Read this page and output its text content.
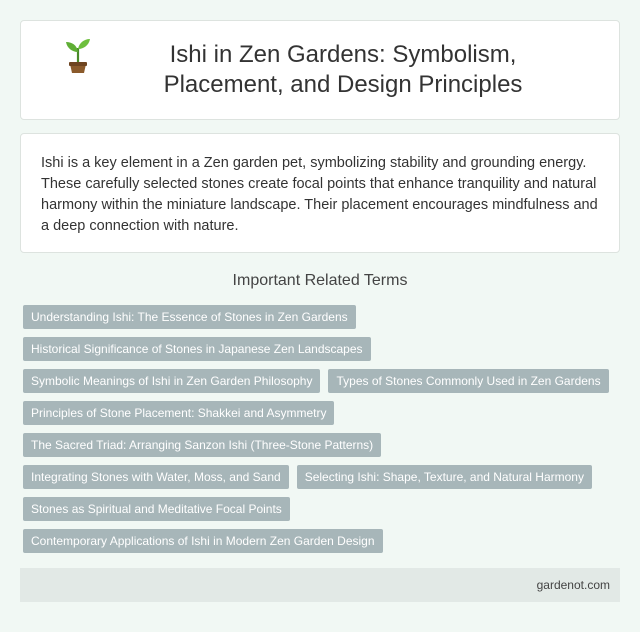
Ishi in Zen Gardens: Symbolism, Placement, and Design Principles

Ishi is a key element in a Zen garden pet, symbolizing stability and grounding energy. These carefully selected stones create focal points that enhance tranquility and natural harmony within the miniature landscape. Their placement encourages mindfulness and a deep connection with nature.

Important Related Terms
Understanding Ishi: The Essence of Stones in Zen Gardens
Historical Significance of Stones in Japanese Zen Landscapes
Symbolic Meanings of Ishi in Zen Garden Philosophy	Types of Stones Commonly Used in Zen Gardens
Principles of Stone Placement: Shakkei and Asymmetry
The Sacred Triad: Arranging Sanzon Ishi (Three-Stone Patterns)
Integrating Stones with Water, Moss, and Sand	Selecting Ishi: Shape, Texture, and Natural Harmony
Stones as Spiritual and Meditative Focal Points
Contemporary Applications of Ishi in Modern Zen Garden Design
gardenot.com
